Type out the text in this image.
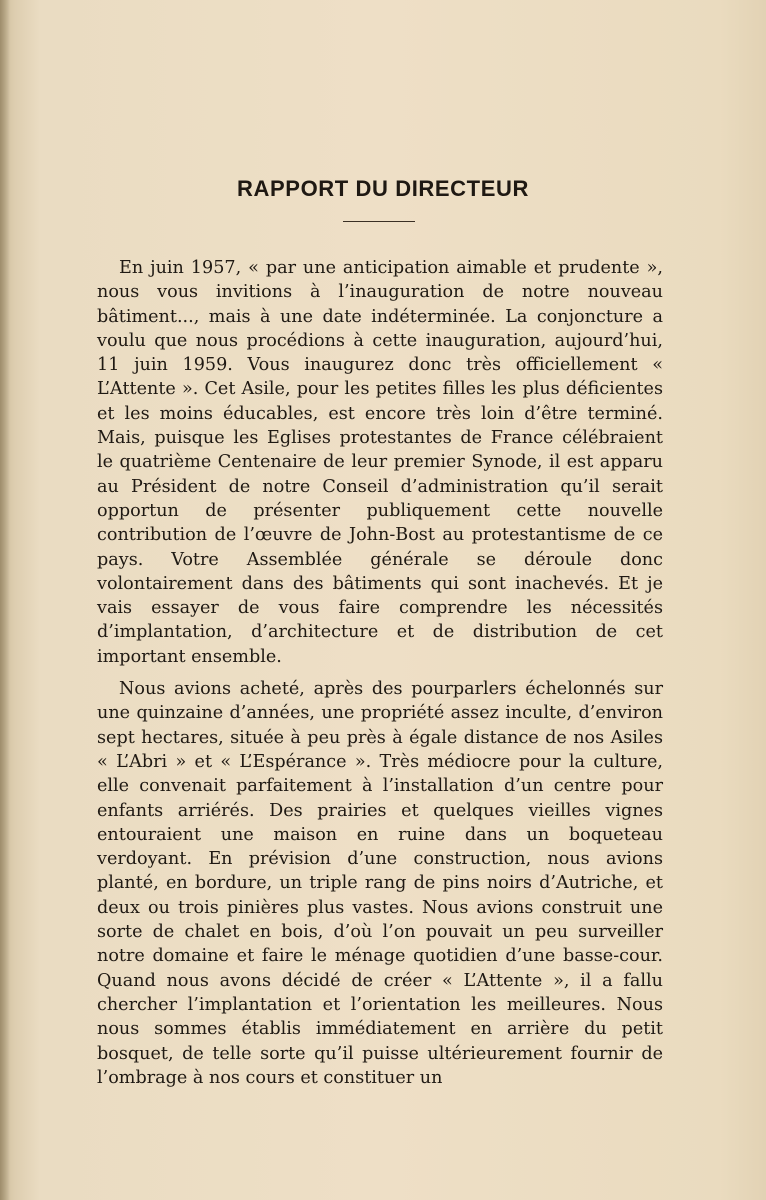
RAPPORT DU DIRECTEUR

En juin 1957, « par une anticipation aimable et prudente », nous vous invitions à l’inauguration de notre nouveau bâtiment..., mais à une date indéterminée. La conjoncture a voulu que nous procédions à cette inauguration, aujourd’hui, 11 juin 1959. Vous inaugurez donc très officiellement « L’Attente ». Cet Asile, pour les petites filles les plus déficientes et les moins éducables, est encore très loin d’être terminé. Mais, puisque les Eglises protestantes de France célébraient le quatrième Centenaire de leur premier Synode, il est apparu au Président de notre Conseil d’administration qu’il serait opportun de présenter publiquement cette nouvelle contribution de l’œuvre de John-Bost au protestantisme de ce pays. Votre Assemblée générale se déroule donc volontairement dans des bâtiments qui sont inachevés. Et je vais essayer de vous faire comprendre les nécessités d’implantation, d’architecture et de distribution de cet important ensemble.

Nous avions acheté, après des pourparlers échelonnés sur une quinzaine d’années, une propriété assez inculte, d’environ sept hectares, située à peu près à égale distance de nos Asiles « L’Abri » et « L’Espérance ». Très médiocre pour la culture, elle convenait parfaitement à l’installation d’un centre pour enfants arriérés. Des prairies et quelques vieilles vignes entouraient une maison en ruine dans un boqueteau verdoyant. En prévision d’une construction, nous avions planté, en bordure, un triple rang de pins noirs d’Autriche, et deux ou trois pinières plus vastes. Nous avions construit une sorte de chalet en bois, d’où l’on pouvait un peu surveiller notre domaine et faire le ménage quotidien d’une basse-cour. Quand nous avons décidé de créer « L’Attente », il a fallu chercher l’implantation et l’orientation les meilleures. Nous nous sommes établis immédiatement en arrière du petit bosquet, de telle sorte qu’il puisse ultérieurement fournir de l’ombrage à nos cours et constituer un
